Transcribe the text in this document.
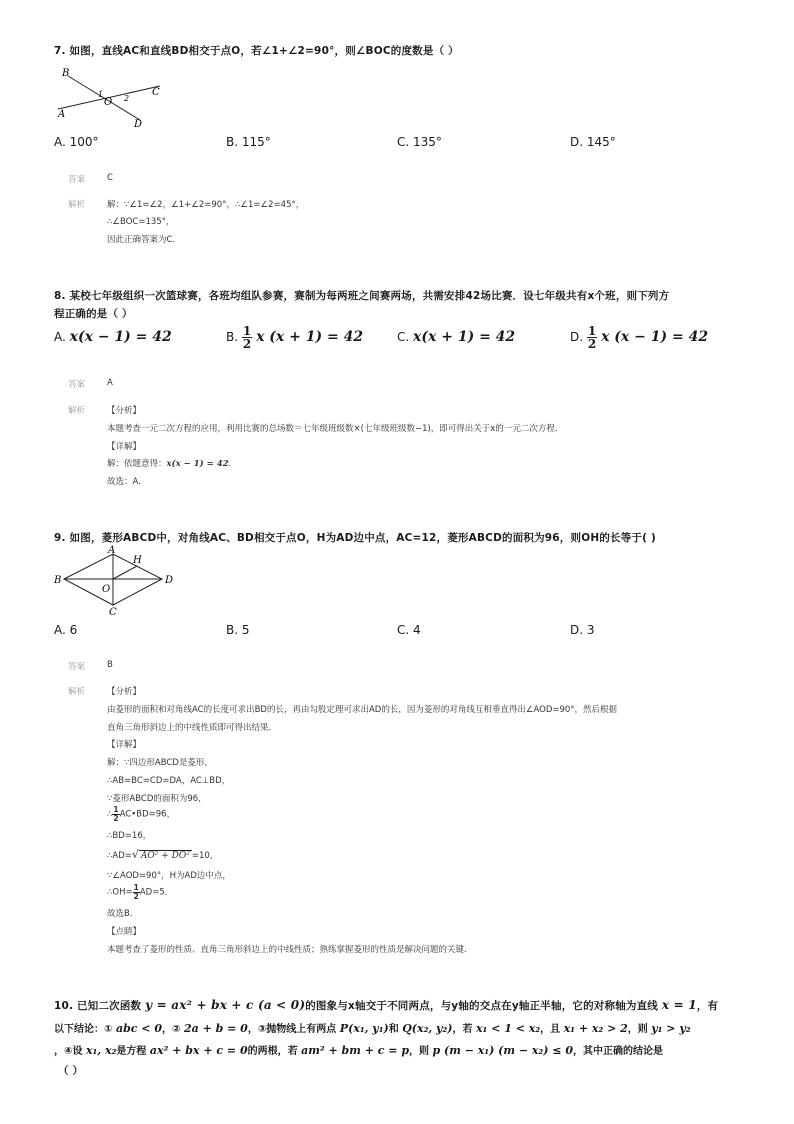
7. 如图，直线AC和直线BD相交于点O，若∠1+∠2=90°，则∠BOC的度数是（ ）
B
C
A
D
O
1	2
A. 100°	B. 115°	C. 135°	D. 145°
答案	C
解析	解：∵∠1=∠2，∠1+∠2=90°，∴∠1=∠2=45°，
∴∠BOC=135°，
因此正确答案为C.
8. 某校七年级组织一次篮球赛，各班均组队参赛，赛制为每两班之间赛两场，共需安排42场比赛．设七年级共有x个班，则下列方
程正确的是（ ）
A. x(x − 1) = 42	B. $\frac{1}{2}$ x (x + 1) = 42	C. x(x + 1) = 42	D. $\frac{1}{2}$ x (x − 1) = 42
答案	A
解析	【分析】
本题考查一元二次方程的应用，利用比赛的总场数＝七年级班级数×(七年级班级数−1)，即可得出关于x的一元二次方程．
【详解】
解：依题意得：x(x − 1) = 42.
故选：A.
9. 如图，菱形ABCD中，对角线AC、BD相交于点O，H为AD边中点，AC=12，菱形ABCD的面积为96，则OH的长等于( )
A
B
C
D
H
O
A. 6	B. 5	C. 4	D. 3
答案	B
解析	【分析】
由菱形的面积和对角线AC的长度可求出BD的长，再由勾股定理可求出AD的长，因为菱形的对角线互相垂直得出∠AOD=90°，然后根据
直角三角形斜边上的中线性质即可得出结果．
【详解】
解：∵四边形ABCD是菱形，
∴AB=BC=CD=DA，AC⊥BD，
∵菱形ABCD的面积为96，
∴ $\frac{1}{2}$ AC•BD=96，
∴BD=16，
∴AD=√ AO² + DO² =10，
∵∠AOD=90°，H为AD边中点，
∴OH= $\frac{1}{2} AD=5$．
故选B．
【点睛】
本题考查了菱形的性质、直角三角形斜边上的中线性质；熟练掌握菱形的性质是解决问题的关键．
10. 已知二次函数 y = ax² + bx + c (a < 0)的图象与x轴交于不同两点，与y轴的交点在y轴正半轴，它的对称轴为直线 x = 1，有
以下结论：① abc < 0，② 2a + b = 0，③抛物线上有两点 P(x₁, y₁)和 Q(x₂, y₂)，若 x₁ < 1 < x₂，且 x₁ + x₂ > 2，则 y₁ > y₂
，④设 x₁, x₂是方程 ax² + bx + c = 0的两根，若 am² + bm + c = p，则 p (m − x₁) (m − x₂) ≤ 0，其中正确的结论是
（ ）
